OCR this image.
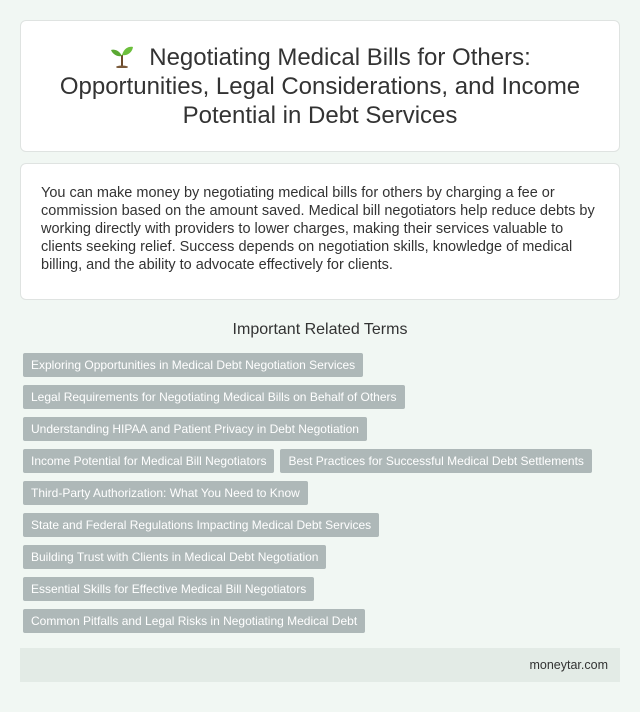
Negotiating Medical Bills for Others: Opportunities, Legal Considerations, and Income Potential in Debt Services

You can make money by negotiating medical bills for others by charging a fee or commission based on the amount saved. Medical bill negotiators help reduce debts by working directly with providers to lower charges, making their services valuable to clients seeking relief. Success depends on negotiation skills, knowledge of medical billing, and the ability to advocate effectively for clients.

Important Related Terms
Exploring Opportunities in Medical Debt Negotiation Services
Legal Requirements for Negotiating Medical Bills on Behalf of Others
Understanding HIPAA and Patient Privacy in Debt Negotiation
Income Potential for Medical Bill Negotiators	Best Practices for Successful Medical Debt Settlements
Third-Party Authorization: What You Need to Know
State and Federal Regulations Impacting Medical Debt Services
Building Trust with Clients in Medical Debt Negotiation
Essential Skills for Effective Medical Bill Negotiators
Common Pitfalls and Legal Risks in Negotiating Medical Debt
moneytar.com
